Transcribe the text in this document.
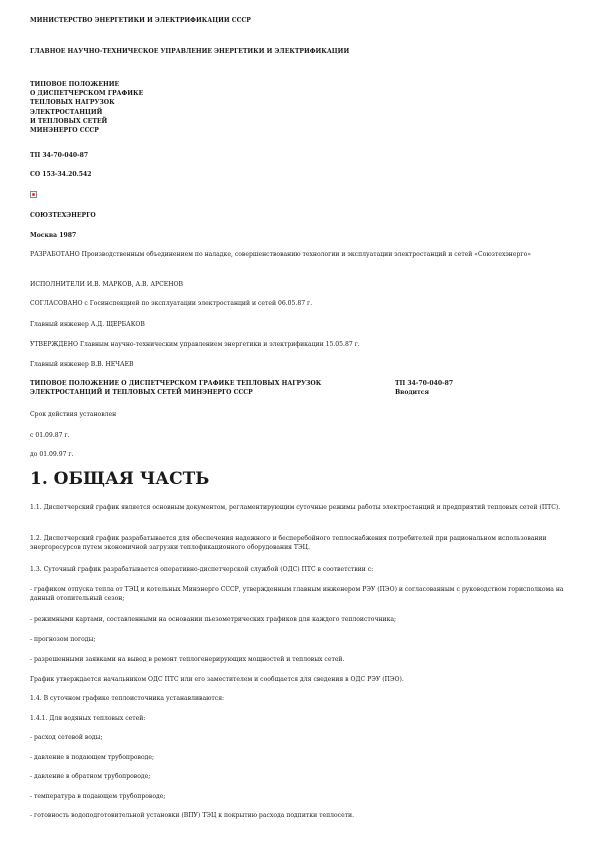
МИНИСТЕРСТВО ЭНЕРГЕТИКИ И ЭЛЕКТРИФИКАЦИИ СССР

ГЛАВНОЕ НАУЧНО-ТЕХНИЧЕСКОЕ УПРАВЛЕНИЕ ЭНЕРГЕТИКИ И ЭЛЕКТРИФИКАЦИИ

ТИПОВОЕ ПОЛОЖЕНИЕ
О ДИСПЕТЧЕРСКОМ ГРАФИКЕ
ТЕПЛОВЫХ НАГРУЗОК
ЭЛЕКТРОСТАНЦИЙ
И ТЕПЛОВЫХ СЕТЕЙ
МИНЭНЕРГО СССР

ТП 34-70-040-87

СО 153-34.20.542

СОЮЗТЕХЭНЕРГО

Москва 1987

РАЗРАБОТАНО Производственным объединением по наладке, совершенствованию технологии и эксплуатации электростанций и сетей «Союзтехэнерго»

ИСПОЛНИТЕЛИ И.В. МАРКОВ, А.В. АРСЕНОВ

СОГЛАСОВАНО с Госинспекцией по эксплуатации электростанций и сетей 06.05.87 г.

Главный инженер А.Д. ЩЕРБАКОВ

УТВЕРЖДЕНО Главным научно-техническим управлением энергетики и электрификации 15.05.87 г.

Главный инженер В.В. НЕЧАЕВ

ТИПОВОЕ ПОЛОЖЕНИЕ О ДИСПЕТЧЕРСКОМ ГРАФИКЕ ТЕПЛОВЫХ НАГРУЗОК
ЭЛЕКТРОСТАНЦИЙ И ТЕПЛОВЫХ СЕТЕЙ МИНЭНЕРГО СССР
ТП 34-70-040-87
Вводится

Срок действия установлен

с 01.09.87 г.

до 01.09.97 г.

1. ОБЩАЯ ЧАСТЬ

1.1. Диспетчерский график является основным документом, регламентирующим суточные режимы работы электростанций и предприятий тепловых сетей (ПТС).

1.2. Диспетчерский график разрабатывается для обеспечения надежного и бесперебойного теплоснабжения потребителей при рациональном использовании энергоресурсов путем экономичной загрузки теплофикационного оборудования ТЭЦ.

1.3. Суточный график разрабатывается оперативно-диспетчерской службой (ОДС) ПТС в соответствии с:

- графиком отпуска тепла от ТЭЦ и котельных Минэнерго СССР, утвержденным главным инженером РЭУ (ПЭО) и согласованным с руководством горисполкома на данный отопительный сезон;

- режимными картами, составленными на основании пьезометрических графиков для каждого теплоисточника;

- прогнозом погоды;

- разрешенными заявками на вывод в ремонт теплогенерирующих мощностей и тепловых сетей.

График утверждается начальником ОДС ПТС или его заместителем и сообщается для сведения в ОДС РЭУ (ПЭО).

1.4. В суточном графике теплоисточника устанавливаются:

1.4.1. Для водяных тепловых сетей:

- расход сетевой воды;

- давление в подающем трубопроводе;

- давление в обратном трубопроводе;

- температура в подающем трубопроводе;

- готовность водоподготовительной установки (ВПУ) ТЭЦ к покрытию расхода подпитки теплосети.
